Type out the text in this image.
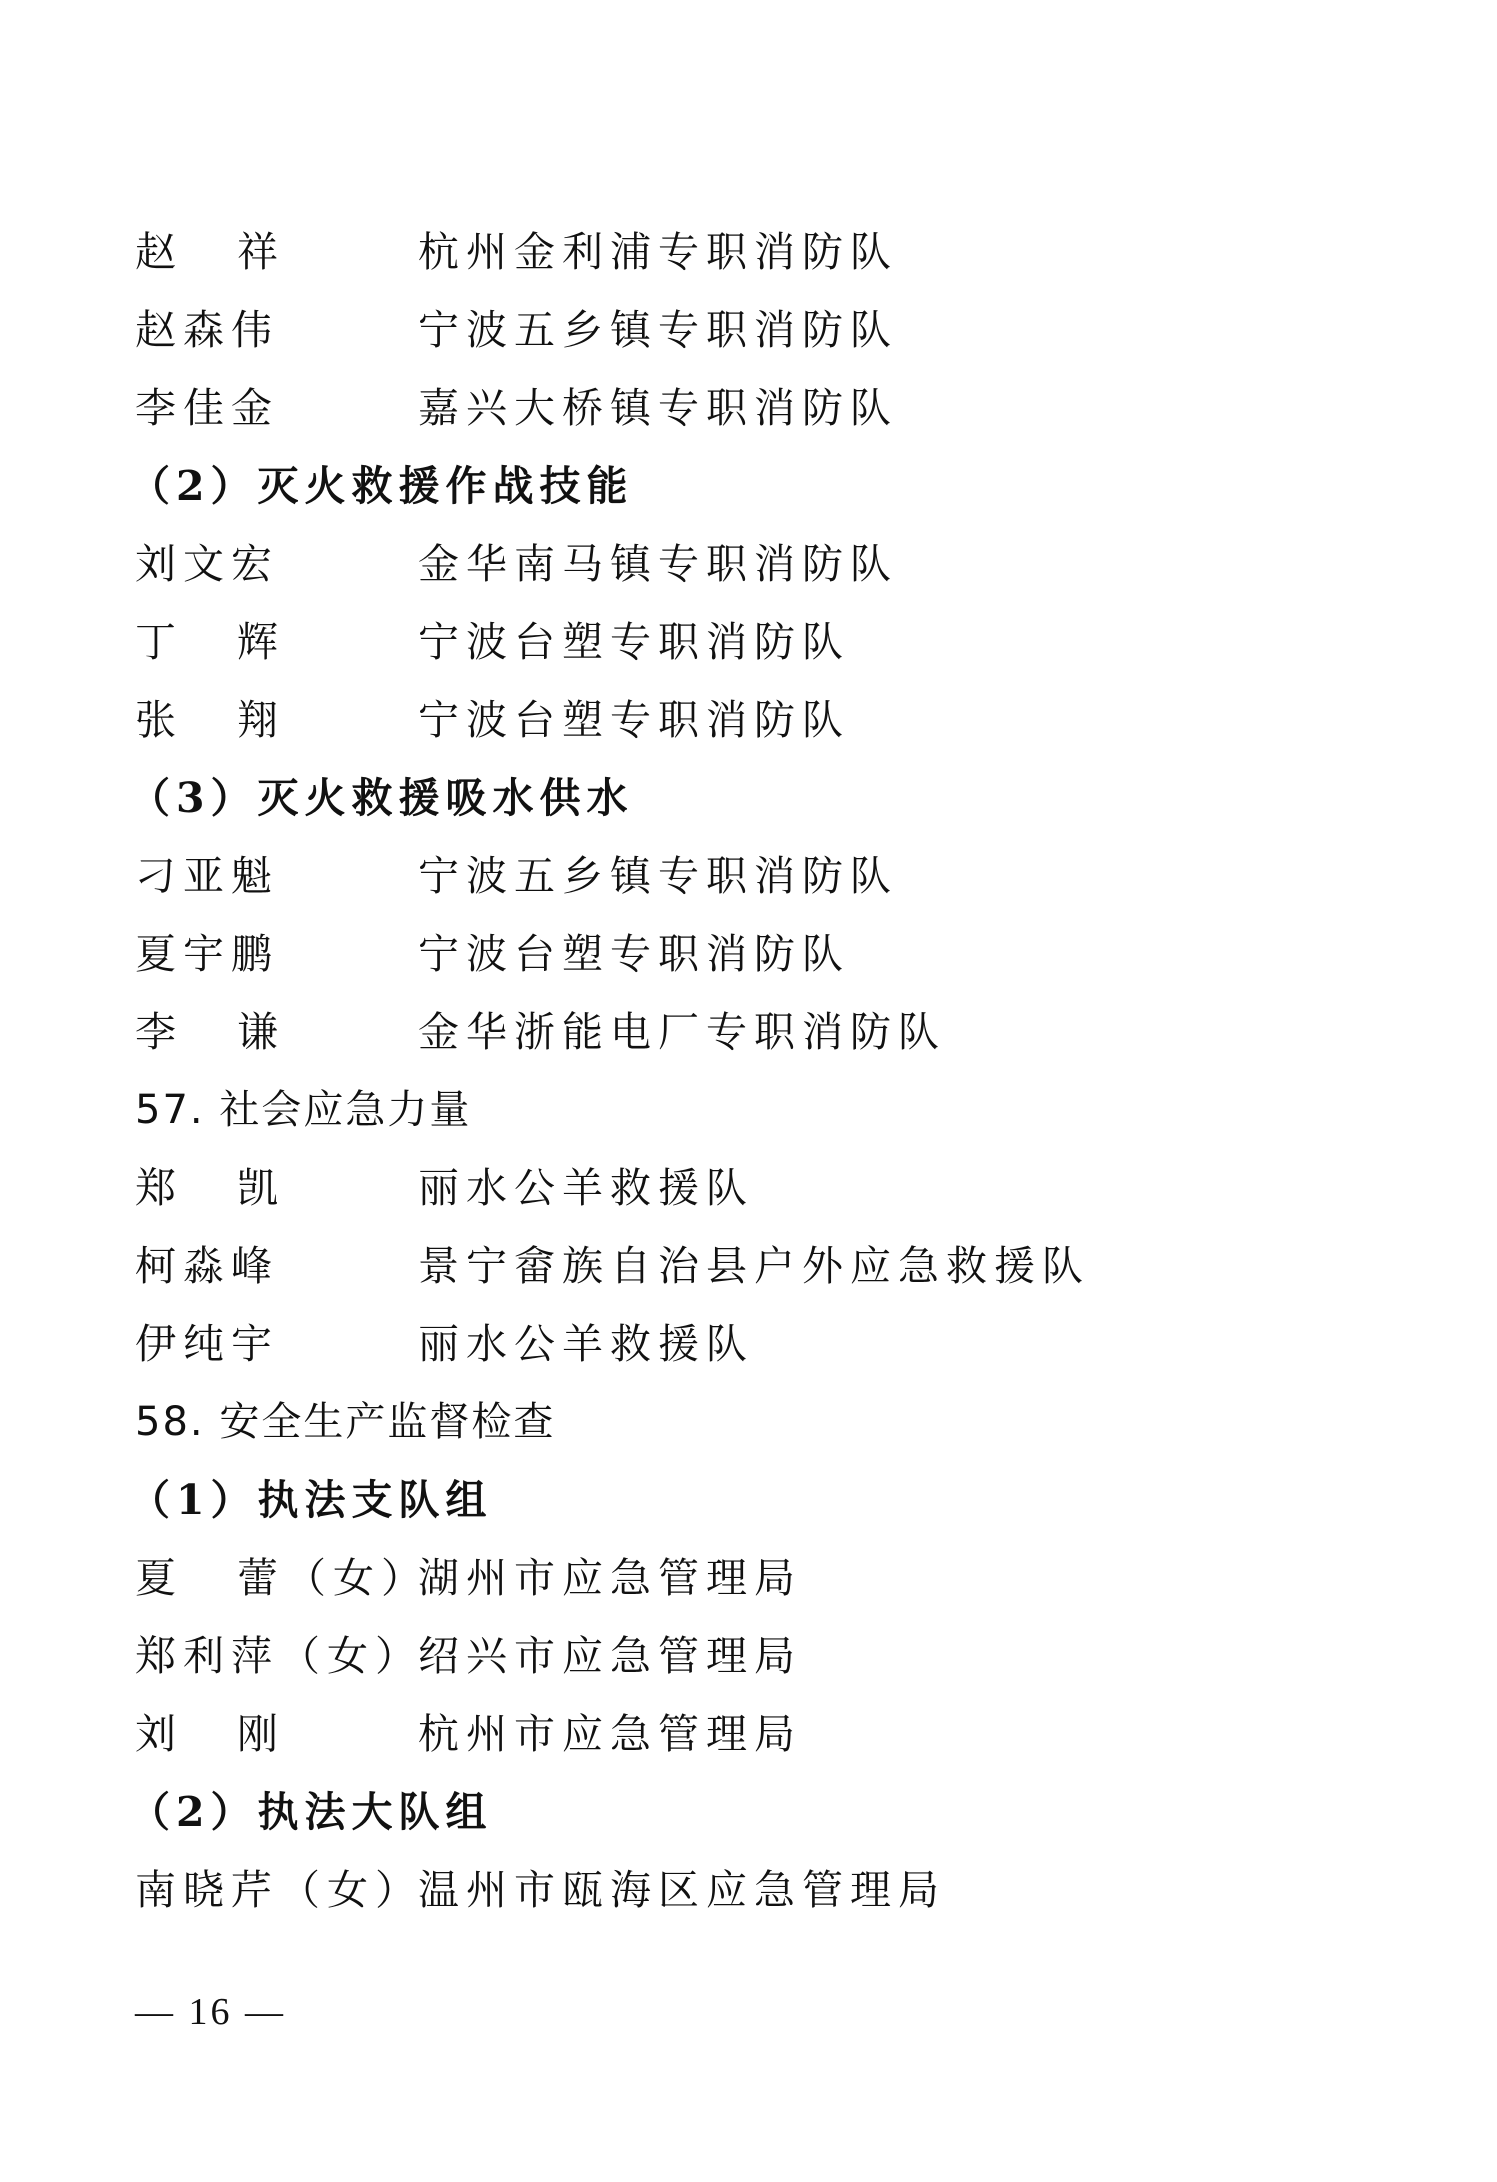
赵 祥	杭州金利浦专职消防队
赵森伟	宁波五乡镇专职消防队
李佳金	嘉兴大桥镇专职消防队
（2）灭火救援作战技能
刘文宏	金华南马镇专职消防队
丁 辉	宁波台塑专职消防队
张 翔	宁波台塑专职消防队
（3）灭火救援吸水供水
刁亚魁	宁波五乡镇专职消防队
夏宇鹏	宁波台塑专职消防队
李 谦	金华浙能电厂专职消防队
57. 社会应急力量
郑 凯	丽水公羊救援队
柯淼峰	景宁畲族自治县户外应急救援队
伊纯宇	丽水公羊救援队
58. 安全生产监督检查
（1）执法支队组
夏 蕾（女）湖州市应急管理局
郑利萍（女）绍兴市应急管理局
刘 刚	杭州市应急管理局
（2）执法大队组
南晓芹（女）温州市瓯海区应急管理局
— 16 —
